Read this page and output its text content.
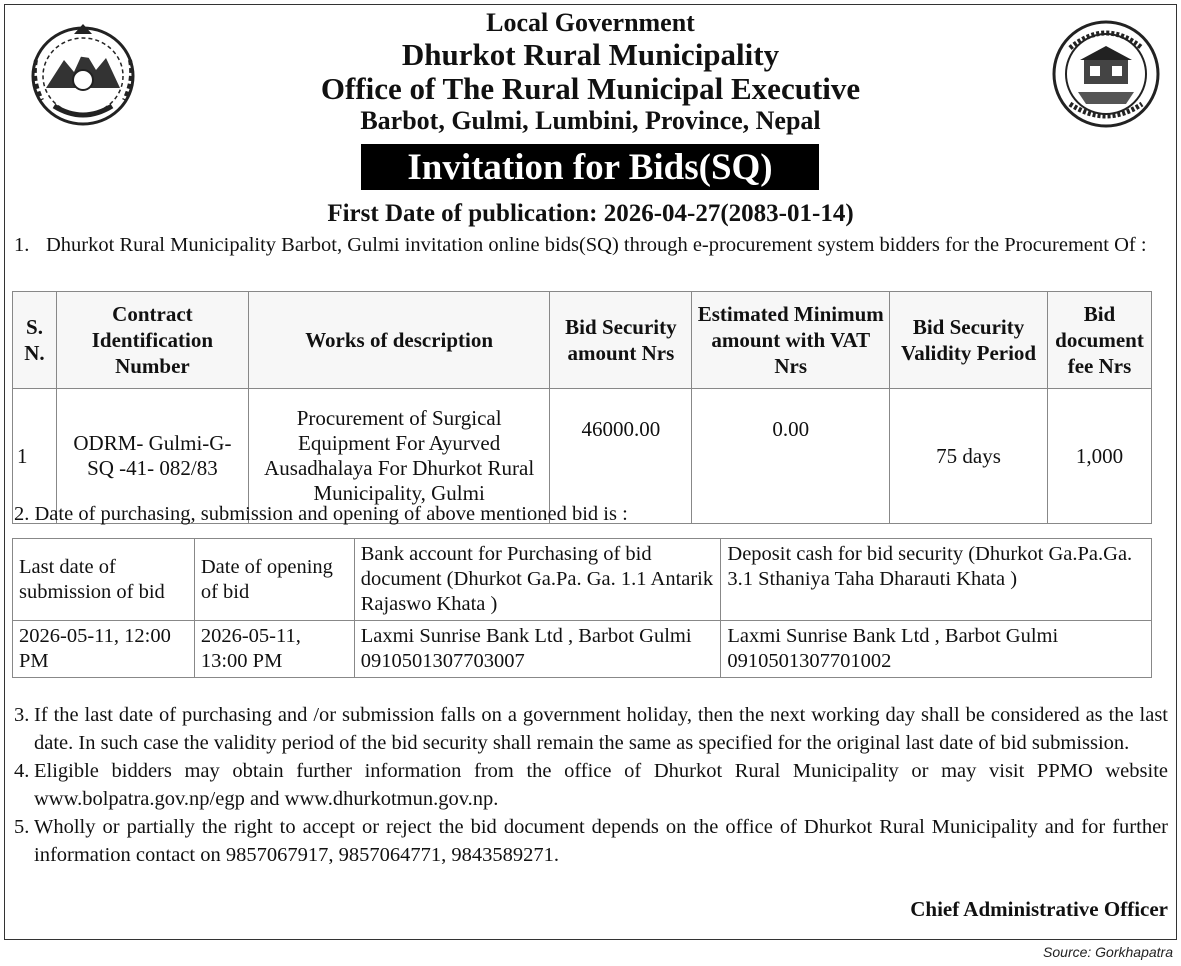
Local Government
Dhurkot Rural Municipality
Office of The Rural Municipal Executive
Barbot, Gulmi, Lumbini, Province, Nepal
Invitation for Bids(SQ)
First Date of publication: 2026-04-27(2083-01-14)
1. Dhurkot Rural Municipality Barbot, Gulmi invitation online bids(SQ) through e-procurement system bidders for the Procurement Of :
S. N.	Contract Identification Number	Works of description	Bid Security amount Nrs	Estimated Minimum amount with VAT Nrs	Bid Security Validity Period	Bid document fee Nrs
1	ODRM- Gulmi-G-SQ -41- 082/83	Procurement of Surgical Equipment For Ayurved Ausadhalaya For Dhurkot Rural Municipality, Gulmi	46000.00	0.00	75 days	1,000
2. Date of purchasing, submission and opening of above mentioned bid is :
Last date of submission of bid	Date of opening of bid	Bank account for Purchasing of bid document (Dhurkot Ga.Pa. Ga. 1.1 Antarik Rajaswo Khata )	Deposit cash for bid security (Dhurkot Ga.Pa.Ga. 3.1 Sthaniya Taha Dharauti Khata )
2026-05-11, 12:00 PM	2026-05-11, 13:00 PM	Laxmi Sunrise Bank Ltd , Barbot Gulmi 0910501307703007	Laxmi Sunrise Bank Ltd , Barbot Gulmi 0910501307701002
3. If the last date of purchasing and /or submission falls on a government holiday, then the next working day shall be considered as the last date. In such case the validity period of the bid security shall remain the same as specified for the original last date of bid submission.
4. Eligible bidders may obtain further information from the office of Dhurkot Rural Municipality or may visit PPMO website www.bolpatra.gov.np/egp and www.dhurkotmun.gov.np.
5. Wholly or partially the right to accept or reject the bid document depends on the office of Dhurkot Rural Municipality and for further information contact on 9857067917, 9857064771, 9843589271.
Chief Administrative Officer
Source: Gorkhapatra
